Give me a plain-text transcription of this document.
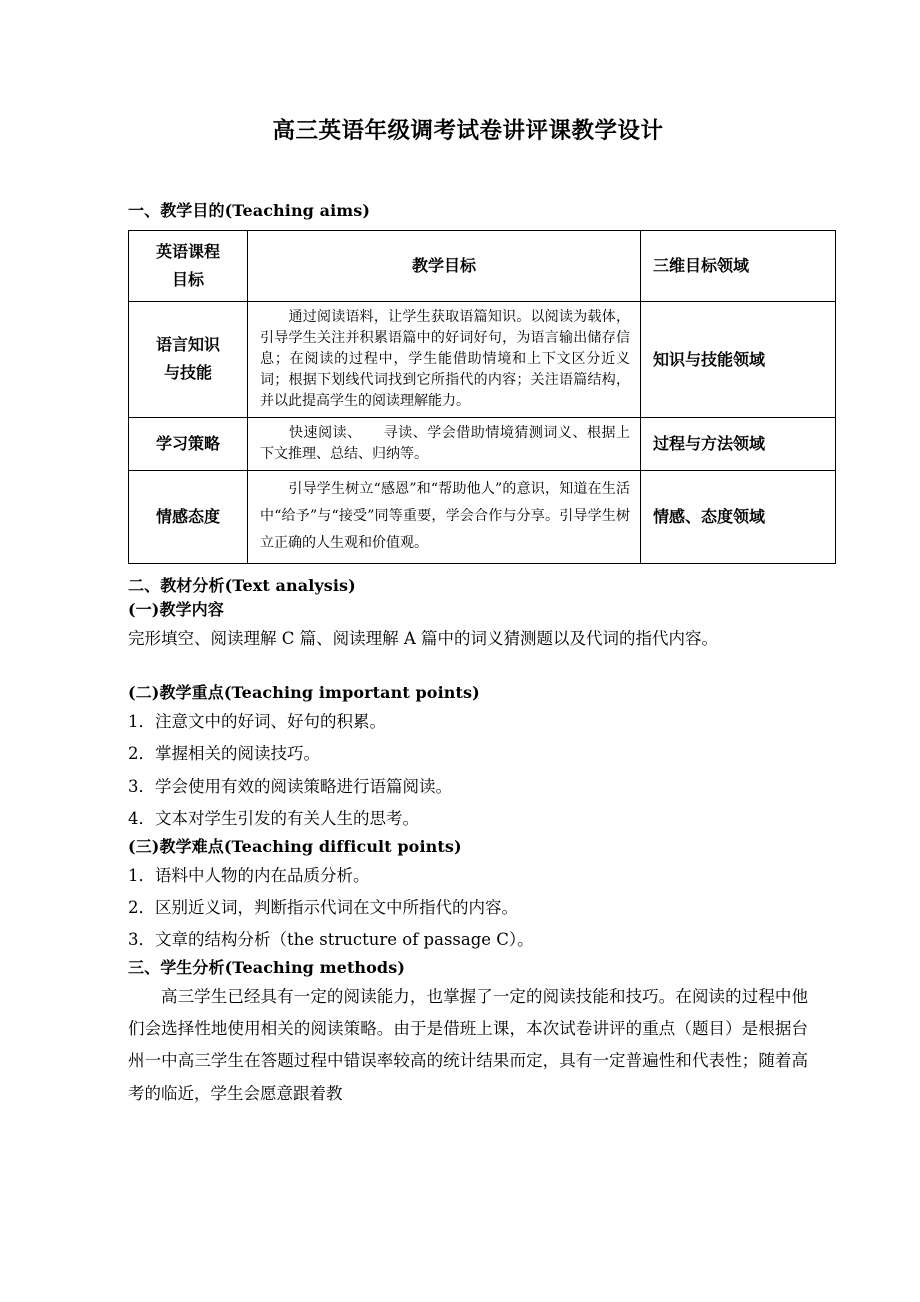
高三英语年级调考试卷讲评课教学设计
一、教学目的(Teaching aims)
英语课程
目标	教学目标	三维目标领域

语言知识
与技能	　　通过阅读语料，让学生获取语篇知识。以阅读为载体，引导学生关注并积累语篇中的好词好句，为语言输出储存信息；在阅读的过程中，学生能借助情境和上下文区分近义词；根据下划线代词找到它所指代的内容；关注语篇结构，并以此提高学生的阅读理解能力。	知识与技能领域

学习策略	　　快速阅读、　　寻读、学会借助情境猜测词义、根据上下文推理、总结、归纳等。	过程与方法领域

情感态度	　　引导学生树立“感恩”和“帮助他人”的意识，知道在生活中“给予”与“接受”同等重要，学会合作与分享。引导学生树立正确的人生观和价值观。	情感、态度领域
二、教材分析(Text analysis)
(一)教学内容
完形填空、阅读理解 C 篇、阅读理解 A 篇中的词义猜测题以及代词的指代内容。
(二)教学重点(Teaching important points)
1．注意文中的好词、好句的积累。
2．掌握相关的阅读技巧。
3．学会使用有效的阅读策略进行语篇阅读。
4．文本对学生引发的有关人生的思考。
(三)教学难点(Teaching difficult points)
1．语料中人物的内在品质分析。
2．区别近义词，判断指示代词在文中所指代的内容。
3．文章的结构分析（the structure of passage C）。
三、学生分析(Teaching methods)
高三学生已经具有一定的阅读能力，也掌握了一定的阅读技能和技巧。在阅读的过程中他们会选择性地使用相关的阅读策略。由于是借班上课，本次试卷讲评的重点（题目）是根据台州一中高三学生在答题过程中错误率较高的统计结果而定，具有一定普遍性和代表性；随着高考的临近，学生会愿意跟着教
